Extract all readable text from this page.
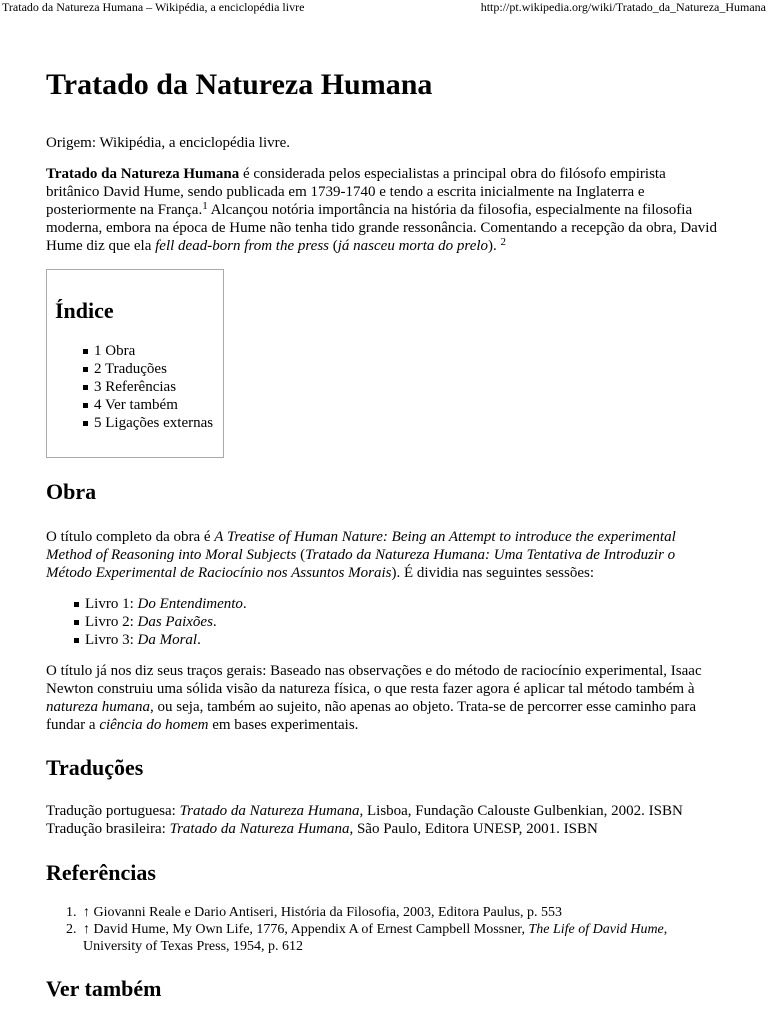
Tratado da Natureza Humana – Wikipédia, a enciclopédia livre	http://pt.wikipedia.org/wiki/Tratado_da_Natureza_Humana
Tratado da Natureza Humana

Origem: Wikipédia, a enciclopédia livre.

Tratado da Natureza Humana é considerada pelos especialistas a principal obra do filósofo empirista britânico David Hume, sendo publicada em 1739-1740 e tendo a escrita inicialmente na Inglaterra e posteriormente na França.$^1$ Alcançou notória importância na história da filosofia, especialmente na filosofia moderna, embora na época de Hume não tenha tido grande ressonância. Comentando a recepção da obra, David Hume diz que ela fell dead-born from the press (já nasceu morta do prelo). $^2$

Índice
1 Obra
2 Traduções
3 Referências
4 Ver também
5 Ligações externas
Obra

O título completo da obra é A Treatise of Human Nature: Being an Attempt to introduce the experimental Method of Reasoning into Moral Subjects (Tratado da Natureza Humana: Uma Tentativa de Introduzir o Método Experimental de Raciocínio nos Assuntos Morais). É dividia nas seguintes sessões:

Livro 1: Do Entendimento.
Livro 2: Das Paixões.
Livro 3: Da Moral.

O título já nos diz seus traços gerais: Baseado nas observações e do método de raciocínio experimental, Isaac Newton construiu uma sólida visão da natureza física, o que resta fazer agora é aplicar tal método também à natureza humana, ou seja, também ao sujeito, não apenas ao objeto. Trata-se de percorrer esse caminho para fundar a ciência do homem em bases experimentais.

Traduções
Tradução portuguesa: Tratado da Natureza Humana, Lisboa, Fundação Calouste Gulbenkian, 2002. ISBN
Tradução brasileira: Tratado da Natureza Humana, São Paulo, Editora UNESP, 2001. ISBN
Referências
1. ↑ Giovanni Reale e Dario Antiseri, História da Filosofia, 2003, Editora Paulus, p. 553
2. ↑ David Hume, My Own Life, 1776, Appendix A of Ernest Campbell Mossner, The Life of David Hume, University of Texas Press, 1954, p. 612
Ver também
